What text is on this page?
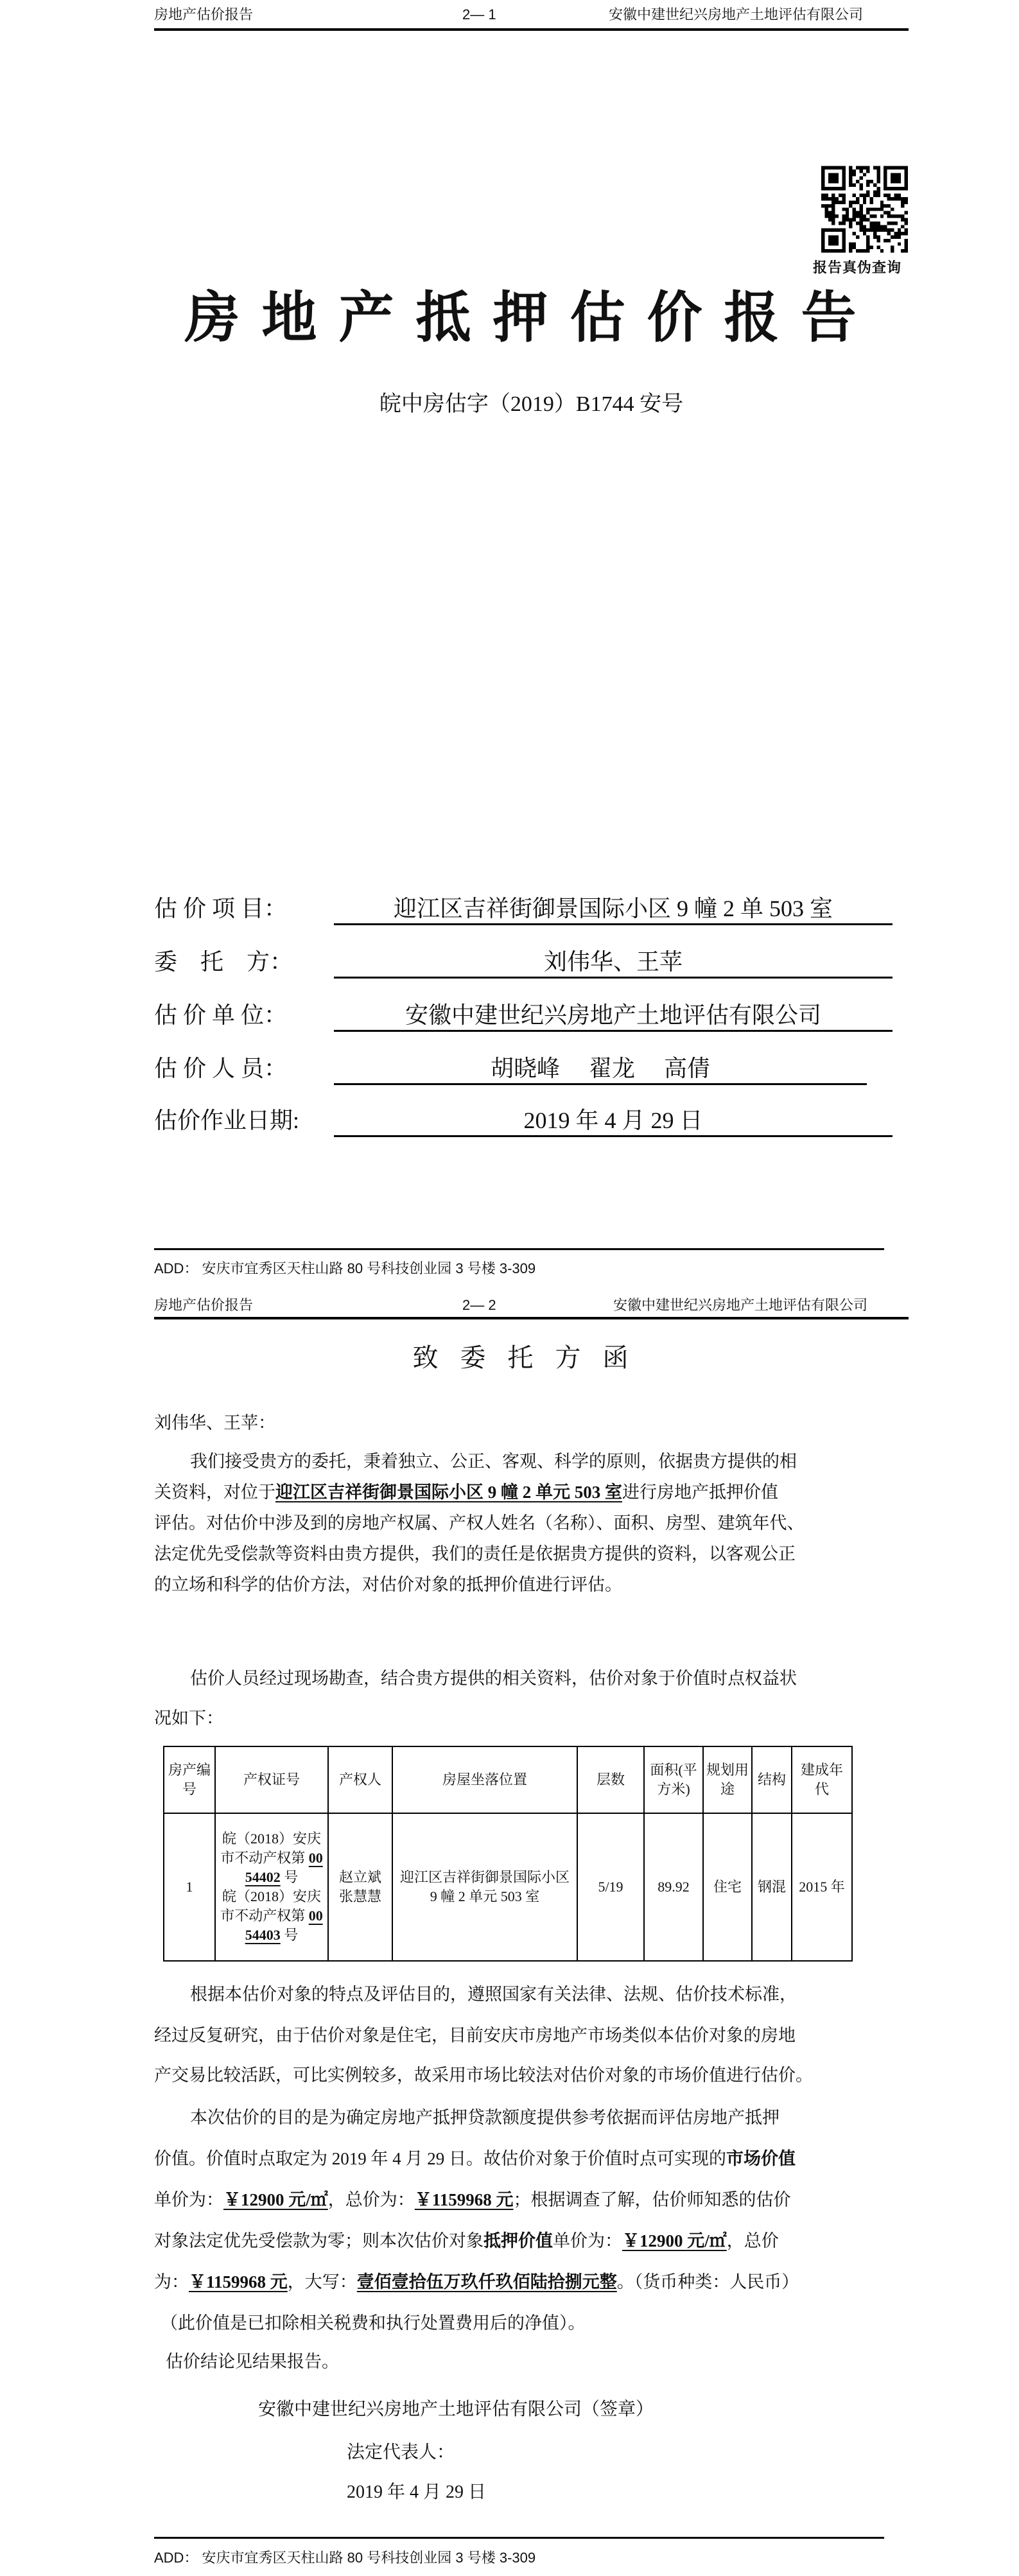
房地产估价报告	2— 1	安徽中建世纪兴房地产土地评估有限公司
报告真伪查询
房地产抵押估价报告
皖中房估字（2019）B1744 安号
估 价 项 目：	迎江区吉祥街御景国际小区 9 幢 2 单 503 室
委    托    方：	刘伟华、王苹
估 价 单 位：	安徽中建世纪兴房地产土地评估有限公司
估 价 人 员：	胡晓峰     翟龙     高倩
估价作业日期:	2019 年 4 月 29 日
ADD： 安庆市宜秀区天柱山路 80 号科技创业园 3 号楼 3-309
房地产估价报告	2— 2	安徽中建世纪兴房地产土地评估有限公司
致委托方函
刘伟华、王苹：
我们接受贵方的委托，秉着独立、公正、客观、科学的原则，依据贵方提供的相
关资料，对位于迎江区吉祥街御景国际小区 9 幢 2 单元 503 室进行房地产抵押价值
评估。对估价中涉及到的房地产权属、产权人姓名（名称）、面积、房型、建筑年代、
法定优先受偿款等资料由贵方提供，我们的责任是依据贵方提供的资料，以客观公正
的立场和科学的估价方法，对估价对象的抵押价值进行评估。
估价人员经过现场勘查，结合贵方提供的相关资料，估价对象于价值时点权益状
况如下：
房产编号	产权证号	产权人	房屋坐落位置	层数	面积(平方米)	规划用途	结构	建成年代
1	皖（2018）安庆市不动产权第 0054402 号
皖（2018）安庆市不动产权第 0054403 号	赵立斌 张慧慧	迎江区吉祥街御景国际小区 9 幢 2 单元 503 室	5/19	89.92	住宅	钢混	2015 年
根据本估价对象的特点及评估目的，遵照国家有关法律、法规、估价技术标准，
经过反复研究，由于估价对象是住宅，目前安庆市房地产市场类似本估价对象的房地
产交易比较活跃，可比实例较多，故采用市场比较法对估价对象的市场价值进行估价。
本次估价的目的是为确定房地产抵押贷款额度提供参考依据而评估房地产抵押
价值。价值时点取定为 2019 年 4 月 29 日。故估价对象于价值时点可实现的市场价值
单价为：￥12900 元/㎡，总价为：￥1159968 元；根据调查了解，估价师知悉的估价
对象法定优先受偿款为零；则本次估价对象抵押价值单价为：￥12900 元/㎡，总价
为：￥1159968 元，大写：壹佰壹拾伍万玖仟玖佰陆拾捌元整。（货币种类：人民币）
（此价值是已扣除相关税费和执行处置费用后的净值）。
估价结论见结果报告。
安徽中建世纪兴房地产土地评估有限公司（签章）
法定代表人：
2019 年 4 月 29 日
ADD： 安庆市宜秀区天柱山路 80 号科技创业园 3 号楼 3-309
